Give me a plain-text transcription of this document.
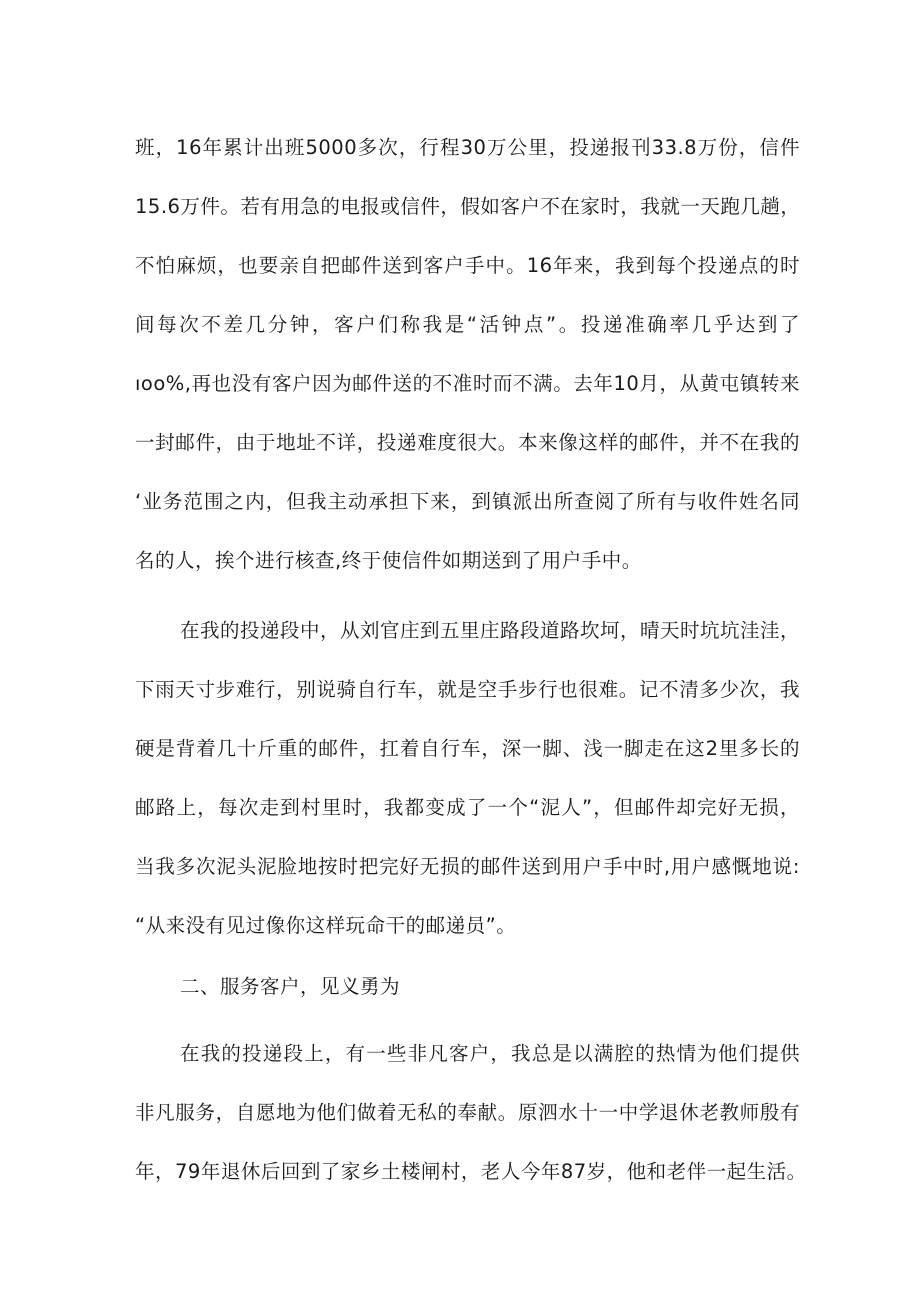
班，16年累计出班5000多次，行程30万公里，投递报刊33.8万份，信件
15.6万件。若有用急的电报或信件，假如客户不在家时，我就一天跑几趟，
不怕麻烦，也要亲自把邮件送到客户手中。16年来，我到每个投递点的时
间每次不差几分钟，客户们称我是“活钟点”。投递准确率几乎达到了
ıoo%,再也没有客户因为邮件送的不准时而不满。去年10月，从黄屯镇转来
一封邮件，由于地址不详，投递难度很大。本来像这样的邮件，并不在我的
‘业务范围之内，但我主动承担下来，到镇派出所查阅了所有与收件姓名同
名的人，挨个进行核查,终于使信件如期送到了用户手中。
在我的投递段中，从刘官庄到五里庄路段道路坎坷，晴天时坑坑洼洼，
下雨天寸步难行，别说骑自行车，就是空手步行也很难。记不清多少次，我
硬是背着几十斤重的邮件，扛着自行车，深一脚、浅一脚走在这2里多长的
邮路上，每次走到村里时，我都变成了一个“泥人”，但邮件却完好无损，
当我多次泥头泥脸地按时把完好无损的邮件送到用户手中时,用户感慨地说:
“从来没有见过像你这样玩命干的邮递员”。
二、服务客户，见义勇为
在我的投递段上，有一些非凡客户，我总是以满腔的热情为他们提供
非凡服务，自愿地为他们做着无私的奉献。原泗水十一中学退休老教师殷有
年，79年退休后回到了家乡土楼闸村，老人今年87岁，他和老伴一起生活。
